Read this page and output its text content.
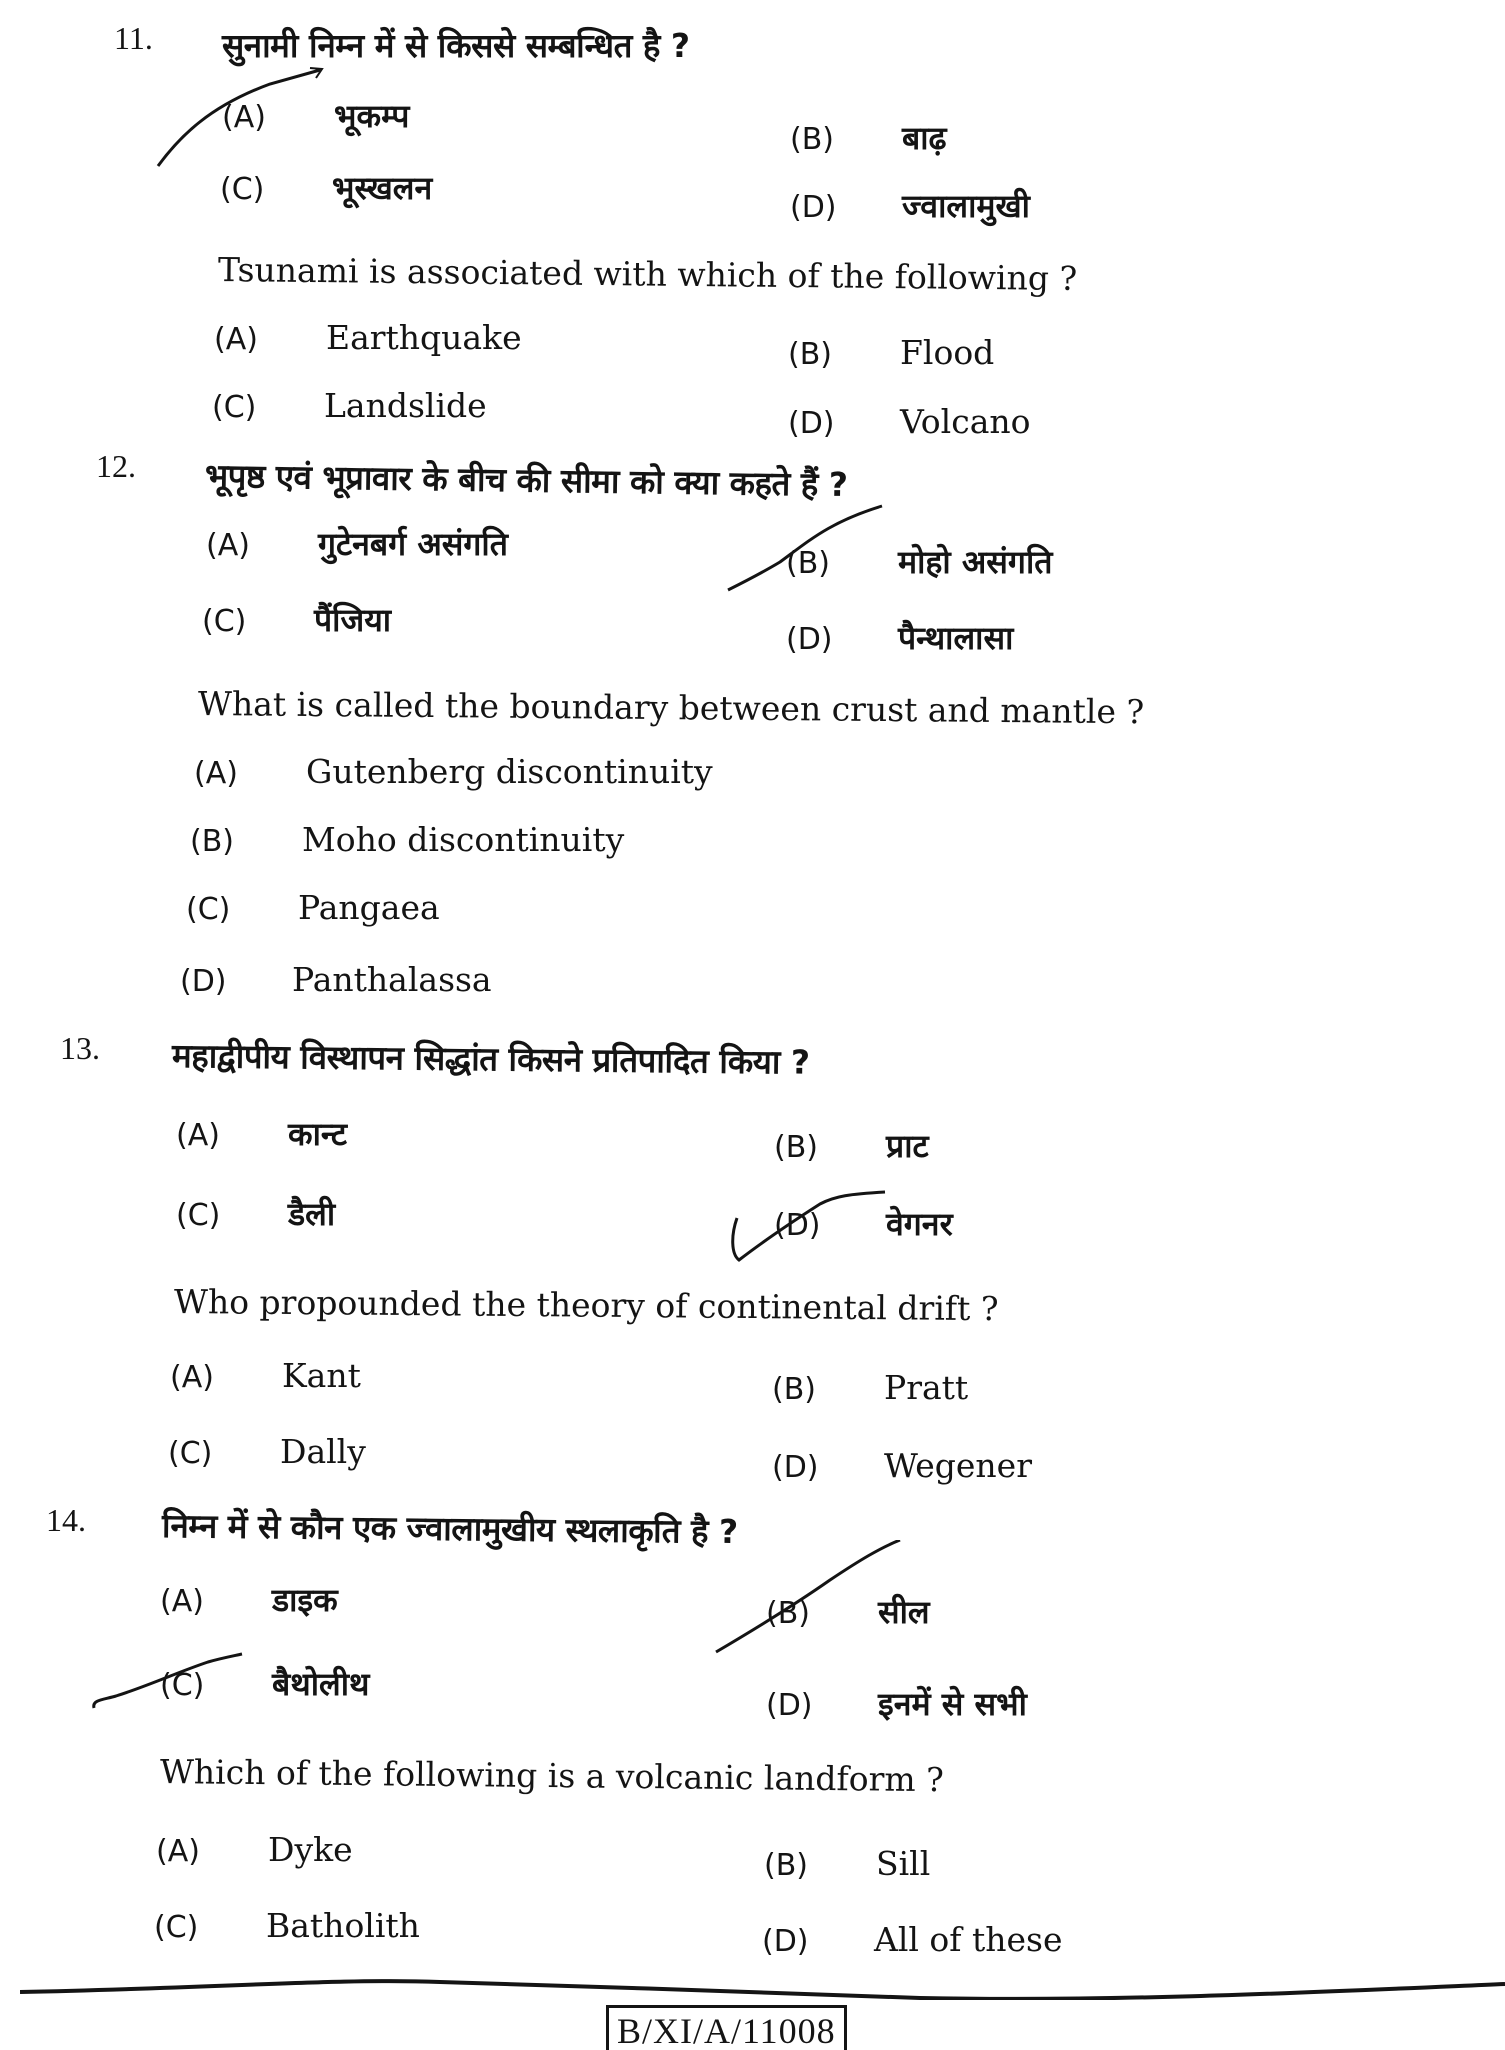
11. सुनामी निम्न में से किससे सम्बन्धित है ?
(A) भूकम्प
(B) बाढ़
(C) भूस्खलन
(D) ज्वालामुखी
Tsunami is associated with which of the following ?
(A) Earthquake	(B) Flood
(C) Landslide	(D) Volcano
12. भूपृष्ठ एवं भूप्रावार के बीच की सीमा को क्या कहते हैं ?
(A) गुटेनबर्ग असंगति
(B) मोहो असंगति
(C) पैंजिया
(D) पैन्थालासा
What is called the boundary between crust and mantle ?
(A) Gutenberg discontinuity
(B) Moho discontinuity
(C) Pangaea
(D) Panthalassa
13. महाद्वीपीय विस्थापन सिद्धांत किसने प्रतिपादित किया ?
(A) कान्ट	(B) प्राट
(C) डैली	(D) वेगनर
Who propounded the theory of continental drift ?
(A) Kant	(B) Pratt
(C) Dally	(D) Wegener
14. निम्न में से कौन एक ज्वालामुखीय स्थलाकृति है ?
(A) डाइक	(B) सील
(C) बैथोलीथ
(D) इनमें से सभी
Which of the following is a volcanic landform ?
(A) Dyke	(B) Sill
(C) Batholith	(D) All of these
B/XI/A/11008
